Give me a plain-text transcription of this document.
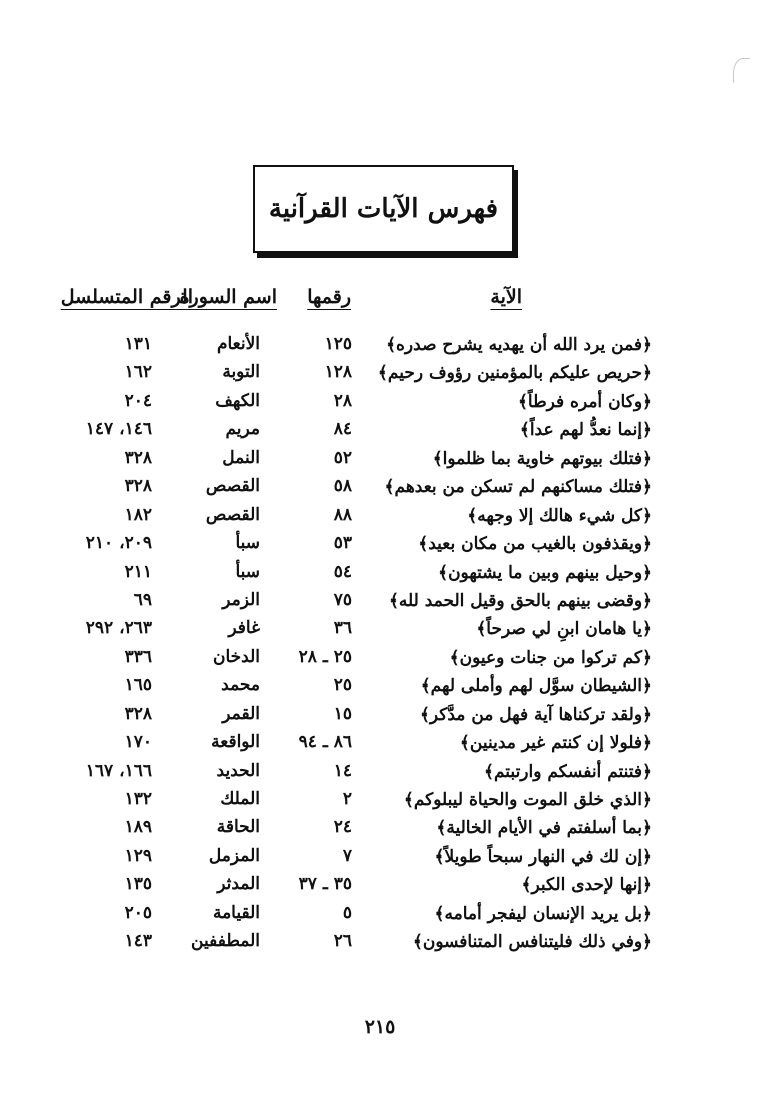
فهرس الآيات القرآنية
الآية
رقمها
اسم السورة
الرقم المتسلسل
﴿فمن يرد الله أن يهديه يشرح صدره﴾
١٢٥
الأنعام
١٣١
﴿حريص عليكم بالمؤمنين رؤوف رحيم﴾
١٢٨
التوبة
١٦٢
﴿وكان أمره فرطاً﴾
٢٨
الكهف
٢٠٤
﴿إنما نعدُّ لهم عداً﴾
٨٤
مريم
١٤٦، ١٤٧
﴿فتلك بيوتهم خاوية بما ظلموا﴾
٥٢
النمل
٣٢٨
﴿فتلك مساكنهم لم تسكن من بعدهم﴾
٥٨
القصص
٣٢٨
﴿كل شيء هالك إلا وجهه﴾
٨٨
القصص
١٨٢
﴿ويقذفون بالغيب من مكان بعيد﴾
٥٣
سبأ
٢٠٩، ٢١٠
﴿وحيل بينهم وبين ما يشتهون﴾
٥٤
سبأ
٢١١
﴿وقضى بينهم بالحق وقيل الحمد لله﴾
٧٥
الزمر
٦٩
﴿يا هامان ابنِ لي صرحاً﴾
٣٦
غافر
٢٦٣، ٢٩٢
﴿كم تركوا من جنات وعيون﴾
٢٥ ـ ٢٨
الدخان
٣٣٦
﴿الشيطان سوَّل لهم وأملى لهم﴾
٢٥
محمد
١٦٥
﴿ولقد تركناها آية فهل من مدَّكر﴾
١٥
القمر
٣٢٨
﴿فلولا إن كنتم غير مدينين﴾
٨٦ ـ ٩٤
الواقعة
١٧٠
﴿فتنتم أنفسكم وارتبتم﴾
١٤
الحديد
١٦٦، ١٦٧
﴿الذي خلق الموت والحياة ليبلوكم﴾
٢
الملك
١٣٢
﴿بما أسلفتم في الأيام الخالية﴾
٢٤
الحاقة
١٨٩
﴿إن لك في النهار سبحاً طويلاً﴾
٧
المزمل
١٢٩
﴿إنها لإحدى الكبر﴾
٣٥ ـ ٣٧
المدثر
١٣٥
﴿بل يريد الإنسان ليفجر أمامه﴾
٥
القيامة
٢٠٥
﴿وفي ذلك فليتنافس المتنافسون﴾
٢٦
المطففين
١٤٣
٢١٥
